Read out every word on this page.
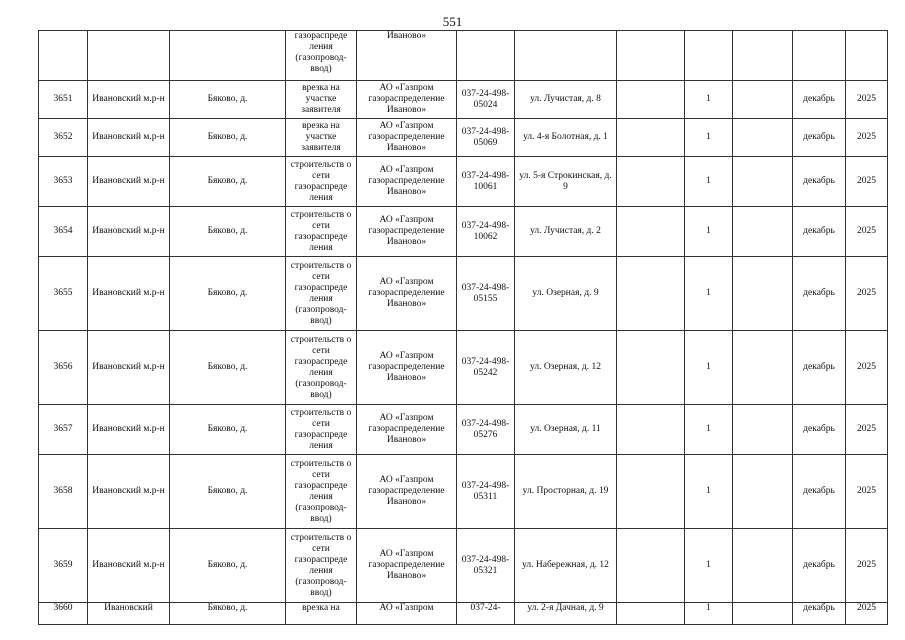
551
			газораспреде ления (газопровод-ввод)	Иваново»							
3651	Ивановский м.р-н	Бяково, д.	врезка на участке заявителя	АО «Газпром газораспределение Иваново»	037-24-498-05024	ул. Лучистая, д. 8		1		декабрь	2025
3652	Ивановский м.р-н	Бяково, д.	врезка на участке заявителя	АО «Газпром газораспределение Иваново»	037-24-498-05069	ул. 4-я Болотная, д. 1		1		декабрь	2025
3653	Ивановский м.р-н	Бяково, д.	строительств о сети газораспреде ления	АО «Газпром газораспределение Иваново»	037-24-498-10061	ул. 5-я Строкинская, д. 9		1		декабрь	2025
3654	Ивановский м.р-н	Бяково, д.	строительств о сети газораспреде ления	АО «Газпром газораспределение Иваново»	037-24-498-10062	ул. Лучистая, д. 2		1		декабрь	2025
3655	Ивановский м.р-н	Бяково, д.	строительств о сети газораспреде ления (газопровод-ввод)	АО «Газпром газораспределение Иваново»	037-24-498-05155	ул. Озерная, д. 9		1		декабрь	2025
3656	Ивановский м.р-н	Бяково, д.	строительств о сети газораспреде ления (газопровод-ввод)	АО «Газпром газораспределение Иваново»	037-24-498-05242	ул. Озерная, д. 12		1		декабрь	2025
3657	Ивановский м.р-н	Бяково, д.	строительств о сети газораспреде ления	АО «Газпром газораспределение Иваново»	037-24-498-05276	ул. Озерная, д. 11		1		декабрь	2025
3658	Ивановский м.р-н	Бяково, д.	строительств о сети газораспреде ления (газопровод-ввод)	АО «Газпром газораспределение Иваново»	037-24-498-05311	ул. Просторная, д. 19		1		декабрь	2025
3659	Ивановский м.р-н	Бяково, д.	строительств о сети газораспреде ления (газопровод-ввод)	АО «Газпром газораспределение Иваново»	037-24-498-05321	ул. Набережная, д. 12		1		декабрь	2025
3660	Ивановский	Бяково, д.	врезка на	АО «Газпром	037-24-	ул. 2-я Дачная, д. 9		1		декабрь	2025
